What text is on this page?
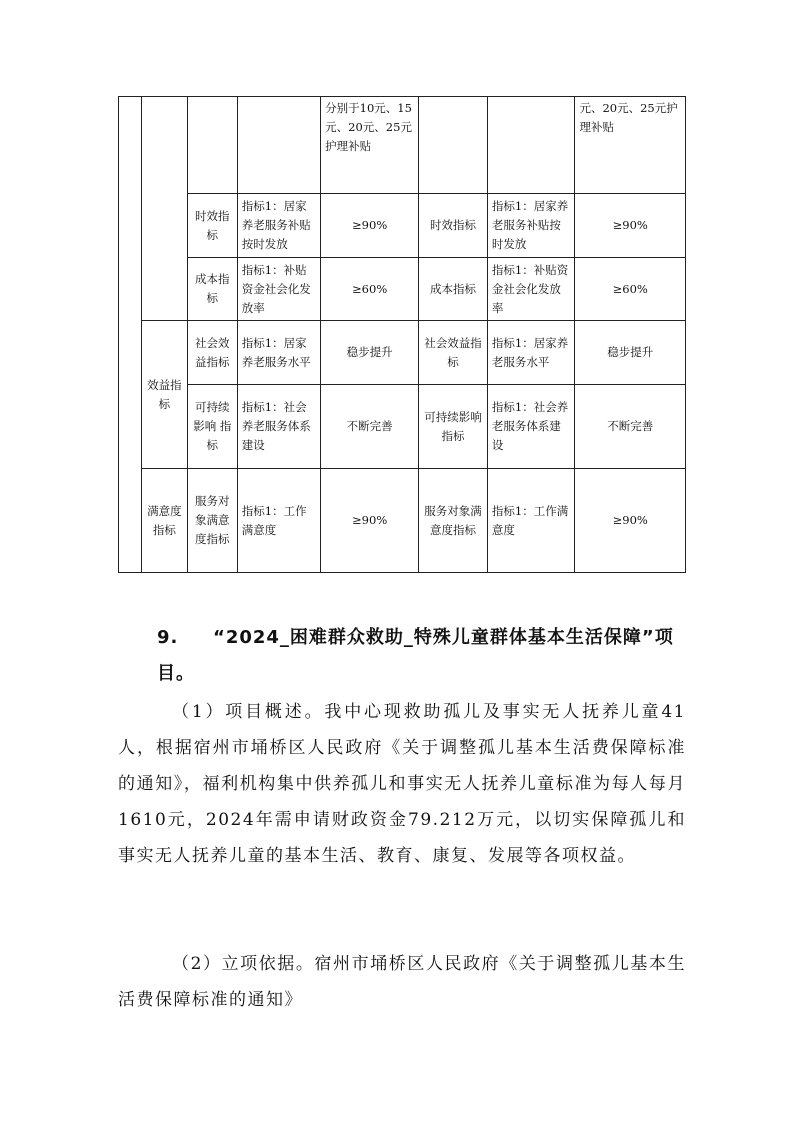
				分别于10元、15元、20元、25元护理补贴			元、20元、25元护理补贴
		时效指标	指标1：居家养老服务补贴按时发放	≥90%	时效指标	指标1：居家养老服务补贴按时发放	≥90%
		成本指标	指标1：补贴资金社会化发放率	≥60%	成本指标	指标1：补贴资金社会化发放率	≥60%
	效益指标	社会效益指标	指标1：居家养老服务水平	稳步提升	社会效益指标	指标1：居家养老服务水平	稳步提升
		可持续影响 指标	指标1：社会养老服务体系建设	不断完善	可持续影响 指标	指标1：社会养老服务体系建设	不断完善
	满意度指标	服务对象满意度指标	指标1：工作满意度	≥90%	服务对象满意度指标	指标1：工作满意度	≥90%
9. “2024_困难群众救助_特殊儿童群体基本生活保障”项目。

（1）项目概述。我中心现救助孤儿及事实无人抚养儿童41人，根据宿州市埇桥区人民政府《关于调整孤儿基本生活费保障标准的通知》，福利机构集中供养孤儿和事实无人抚养儿童标准为每人每月1610元，2024年需申请财政资金79.212万元，以切实保障孤儿和事实无人抚养儿童的基本生活、教育、康复、发展等各项权益。

（2）立项依据。宿州市埇桥区人民政府《关于调整孤儿基本生活费保障标准的通知》
